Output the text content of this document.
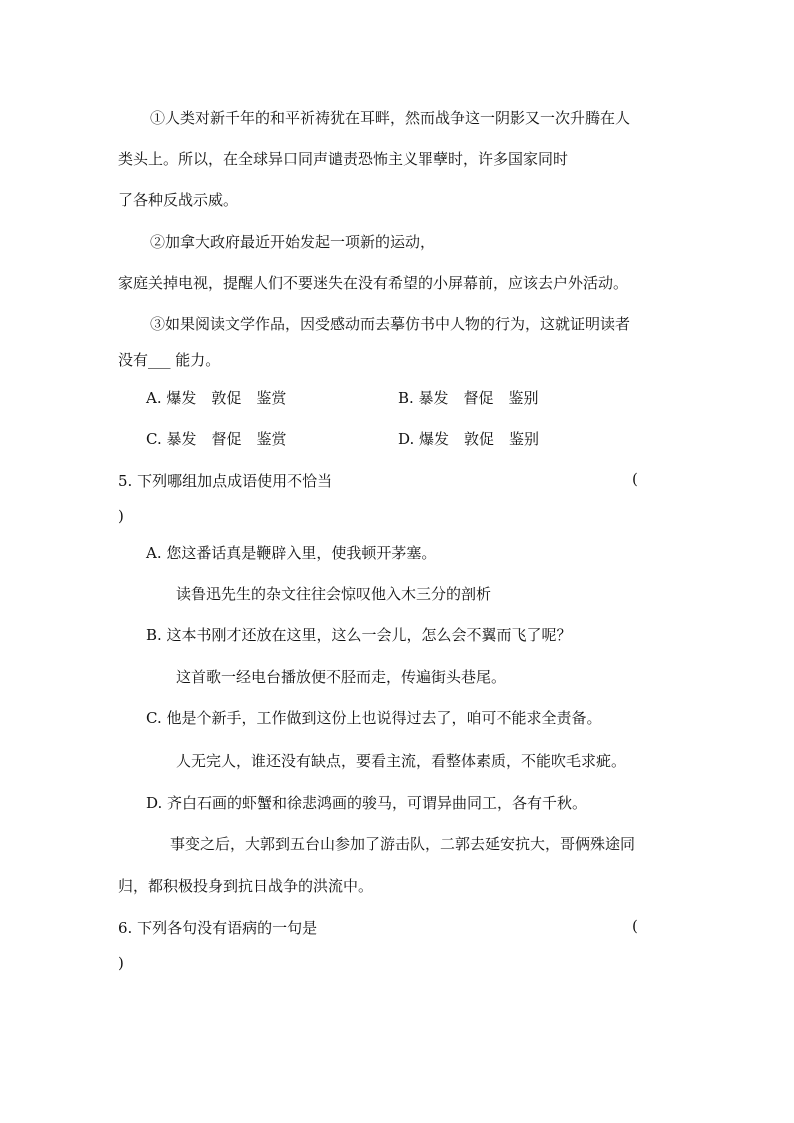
①人类对新千年的和平祈祷犹在耳畔，然而战争这一阴影又一次升腾在人
类头上。所以，在全球异口同声谴责恐怖主义罪孽时，许多国家同时
了各种反战示威。
②加拿大政府最近开始发起一项新的运动，
家庭关掉电视，提醒人们不要迷失在没有希望的小屏幕前，应该去户外活动。
③如果阅读文学作品，因受感动而去摹仿书中人物的行为，这就证明读者
没有___ 能力。
A. 爆发　敦促　鉴赏	B. 暴发　督促　鉴别
C. 暴发　督促　鉴赏	D. 爆发　敦促　鉴别
5. 下列哪组加点成语使用不恰当	(
)
A. 您这番话真是鞭辟入里，使我顿开茅塞。
读鲁迅先生的杂文往往会惊叹他入木三分的剖析
B. 这本书刚才还放在这里，这么一会儿，怎么会不翼而飞了呢？
这首歌一经电台播放便不胫而走，传遍街头巷尾。
C. 他是个新手，工作做到这份上也说得过去了，咱可不能求全责备。
人无完人，谁还没有缺点，要看主流，看整体素质，不能吹毛求疵。
D. 齐白石画的虾蟹和徐悲鸿画的骏马，可谓异曲同工，各有千秋。
事变之后，大郭到五台山参加了游击队，二郭去延安抗大，哥俩殊途同
归，都积极投身到抗日战争的洪流中。
6. 下列各句没有语病的一句是	(
)
